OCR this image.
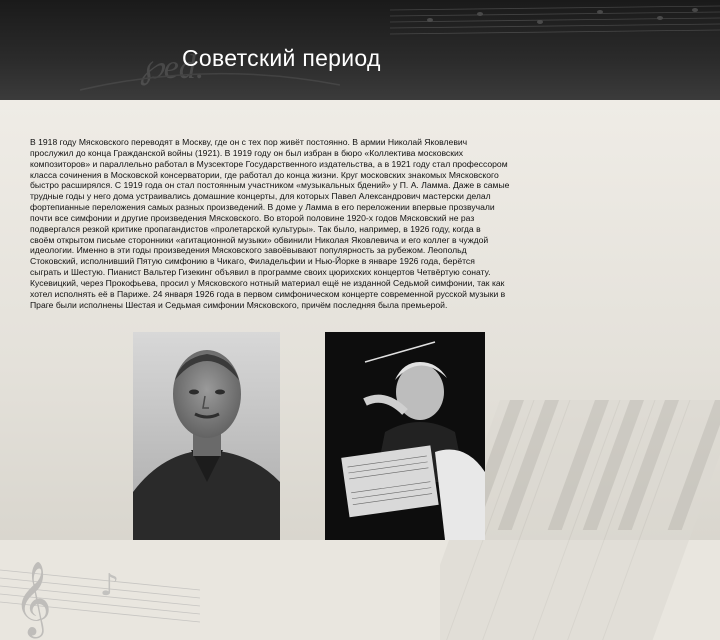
℘ed.
Советский период
𝄞 ♪
В 1918 году Мясковского переводят в Москву, где он с тех пор живёт постоянно. В армии Николай Яковлевич
прослужил до конца Гражданской войны (1921). В 1919 году он был избран в бюро «Коллектива московских
композиторов» и параллельно работал в Музсекторе Государственного издательства, а в 1921 году стал профессором
класса сочинения в Московской консерватории, где работал до конца жизни. Круг московских знакомых Мясковского
быстро расширялся. С 1919 года он стал постоянным участником «музыкальных бдений» у П. А. Ламма. Даже в самые
трудные годы у него дома устраивались домашние концерты, для которых Павел Александрович мастерски делал
фортепианные переложения самых разных произведений. В доме у Ламма в его переложении впервые прозвучали
почти все симфонии и другие произведения Мясковского. Во второй половине 1920-х годов Мясковский не раз
подвергался резкой критике пропагандистов «пролетарской культуры». Так было, например, в 1926 году, когда в
своём открытом письме сторонники «агитационной музыки» обвинили Николая Яковлевича и его коллег в чуждой
идеологии. Именно в эти годы произведения Мясковского завоёвывают популярность за рубежом. Леопольд
Стоковский, исполнивший Пятую симфонию в Чикаго, Филадельфии и Нью-Йорке в январе 1926 года, берётся
сыграть и Шестую. Пианист Вальтер Гизекинг объявил в программе своих цюрихских концертов Четвёртую сонату.
Кусевицкий, через Прокофьева, просил у Мясковского нотный материал ещё не изданной Седьмой симфонии, так как
хотел исполнять её в Париже. 24 января 1926 года в первом симфоническом концерте современной русской музыки в
Праге были исполнены Шестая и Седьмая симфонии Мясковского, причём последняя была премьерой.
